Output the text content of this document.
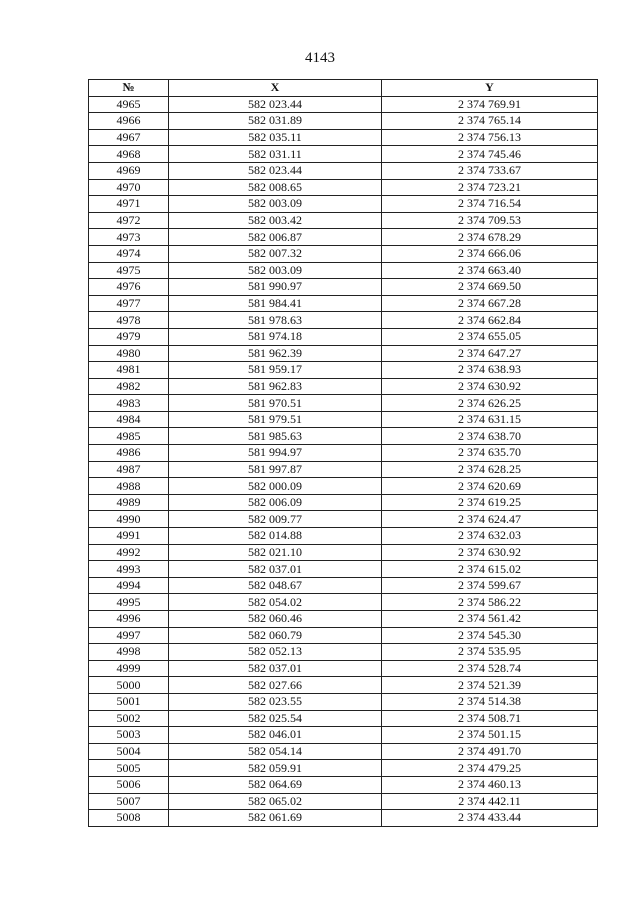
4143
№	X	Y
4965	582 023.44	2 374 769.91
4966	582 031.89	2 374 765.14
4967	582 035.11	2 374 756.13
4968	582 031.11	2 374 745.46
4969	582 023.44	2 374 733.67
4970	582 008.65	2 374 723.21
4971	582 003.09	2 374 716.54
4972	582 003.42	2 374 709.53
4973	582 006.87	2 374 678.29
4974	582 007.32	2 374 666.06
4975	582 003.09	2 374 663.40
4976	581 990.97	2 374 669.50
4977	581 984.41	2 374 667.28
4978	581 978.63	2 374 662.84
4979	581 974.18	2 374 655.05
4980	581 962.39	2 374 647.27
4981	581 959.17	2 374 638.93
4982	581 962.83	2 374 630.92
4983	581 970.51	2 374 626.25
4984	581 979.51	2 374 631.15
4985	581 985.63	2 374 638.70
4986	581 994.97	2 374 635.70
4987	581 997.87	2 374 628.25
4988	582 000.09	2 374 620.69
4989	582 006.09	2 374 619.25
4990	582 009.77	2 374 624.47
4991	582 014.88	2 374 632.03
4992	582 021.10	2 374 630.92
4993	582 037.01	2 374 615.02
4994	582 048.67	2 374 599.67
4995	582 054.02	2 374 586.22
4996	582 060.46	2 374 561.42
4997	582 060.79	2 374 545.30
4998	582 052.13	2 374 535.95
4999	582 037.01	2 374 528.74
5000	582 027.66	2 374 521.39
5001	582 023.55	2 374 514.38
5002	582 025.54	2 374 508.71
5003	582 046.01	2 374 501.15
5004	582 054.14	2 374 491.70
5005	582 059.91	2 374 479.25
5006	582 064.69	2 374 460.13
5007	582 065.02	2 374 442.11
5008	582 061.69	2 374 433.44
